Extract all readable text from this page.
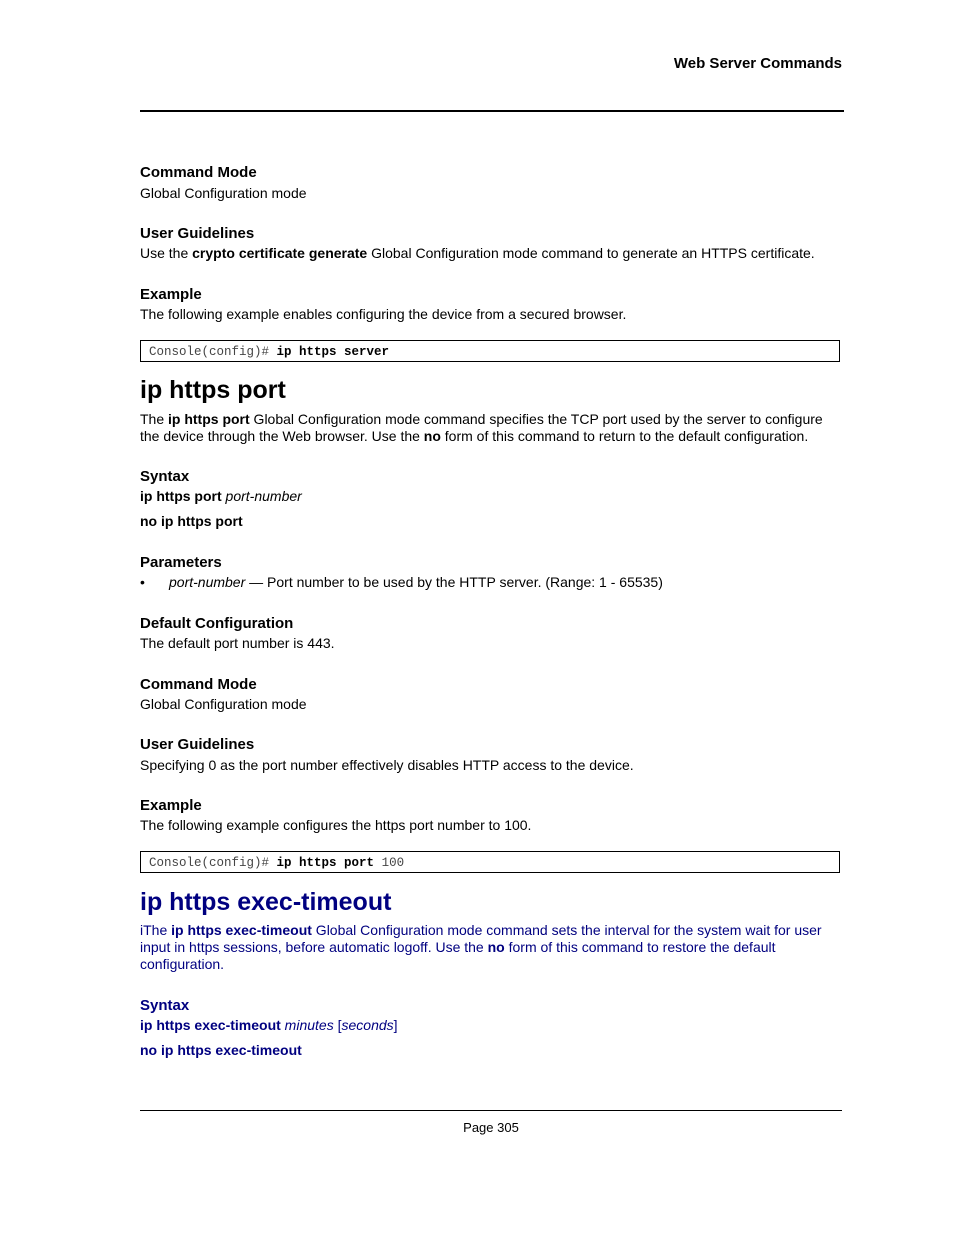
Web Server Commands
Command Mode
Global Configuration mode
User Guidelines
Use the crypto certificate generate Global Configuration mode command to generate an HTTPS certificate.
Example
The following example enables configuring the device from a secured browser.
Console(config)# ip https server
ip https port
The ip https port Global Configuration mode command specifies the TCP port used by the server to configure the device through the Web browser. Use the no form of this command to return to the default configuration.
Syntax
ip https port port-number
no ip https port
Parameters
• port-number — Port number to be used by the HTTP server. (Range: 1 - 65535)
Default Configuration
The default port number is 443.
Command Mode
Global Configuration mode
User Guidelines
Specifying 0 as the port number effectively disables HTTP access to the device.
Example
The following example configures the https port number to 100.
Console(config)# ip https port 100
ip https exec-timeout
iThe ip https exec-timeout Global Configuration mode command sets the interval for the system wait for user input in https sessions, before automatic logoff. Use the no form of this command to restore the default configuration.
Syntax
ip https exec-timeout minutes [seconds]
no ip https exec-timeout
Page 305
